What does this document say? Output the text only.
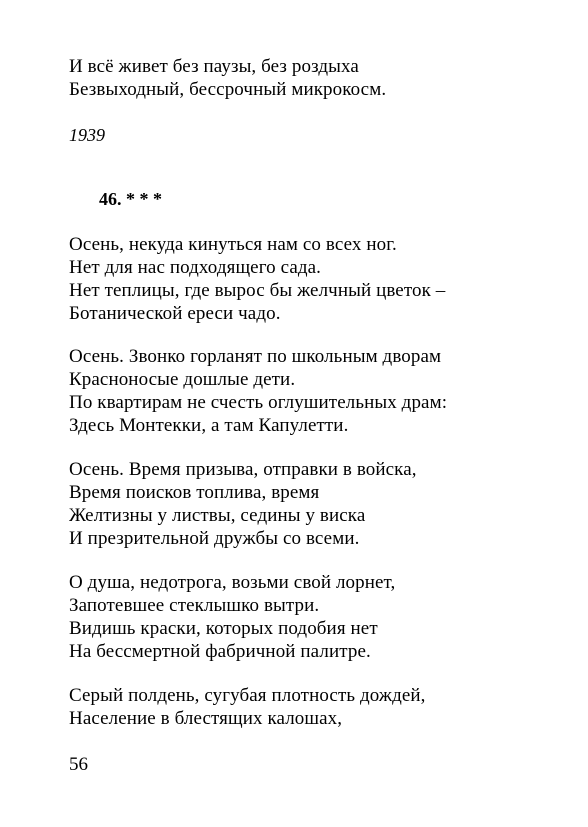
И всё живет без паузы, без роздыха
Безвыходный, бессрочный микрокосм.
1939
46. * * *
Осень, некуда кинуться нам со всех ног.
Нет для нас подходящего сада.
Нет теплицы, где вырос бы желчный цветок –
Ботанической ереси чадо.
Осень. Звонко горланят по школьным дворам
Красноносые дошлые дети.
По квартирам не счесть оглушительных драм:
Здесь Монтекки, а там Капулетти.
Осень. Время призыва, отправки в войска,
Время поисков топлива, время
Желтизны у листвы, седины у виска
И презрительной дружбы со всеми.
О душа, недотрога, возьми свой лорнет,
Запотевшее стеклышко вытри.
Видишь краски, которых подобия нет
На бессмертной фабричной палитре.
Серый полдень, сугубая плотность дождей,
Население в блестящих калошах,
56
